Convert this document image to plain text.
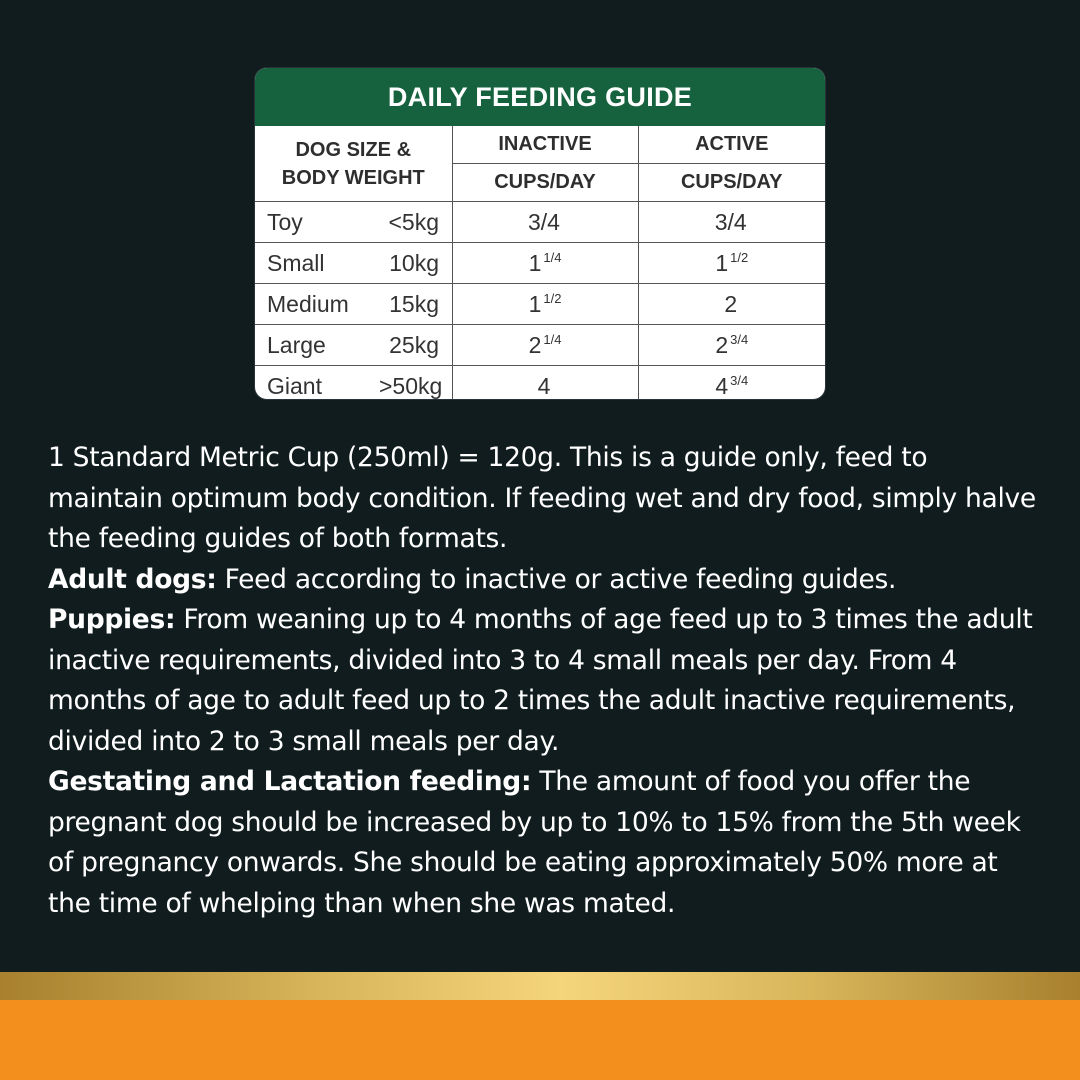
DAILY FEEDING GUIDE
DOG SIZE &
BODY WEIGHT	INACTIVE	ACTIVE
	CUPS/DAY	CUPS/DAY
Toy <5kg	3/4	3/4
Small 10kg	1 $^{1/4}$	1 $^{1/2}$
Medium 15kg	1 $^{1/2}$	2
Large 25kg	2 $^{1/4}$	2 $^{3/4}$
Giant >50kg	4	4 $^{3/4}$

1 Standard Metric Cup (250ml) = 120g. This is a guide only, feed to maintain optimum body condition. If feeding wet and dry food, simply halve the feeding guides of both formats.

Adult dogs: Feed according to inactive or active feeding guides.

Puppies: From weaning up to 4 months of age feed up to 3 times the adult inactive requirements, divided into 3 to 4 small meals per day. From 4 months of age to adult feed up to 2 times the adult inactive requirements, divided into 2 to 3 small meals per day.

Gestating and Lactation feeding: The amount of food you offer the pregnant dog should be increased by up to 10% to 15% from the 5th week of pregnancy onwards. She should be eating approximately 50% more at the time of whelping than when she was mated.
